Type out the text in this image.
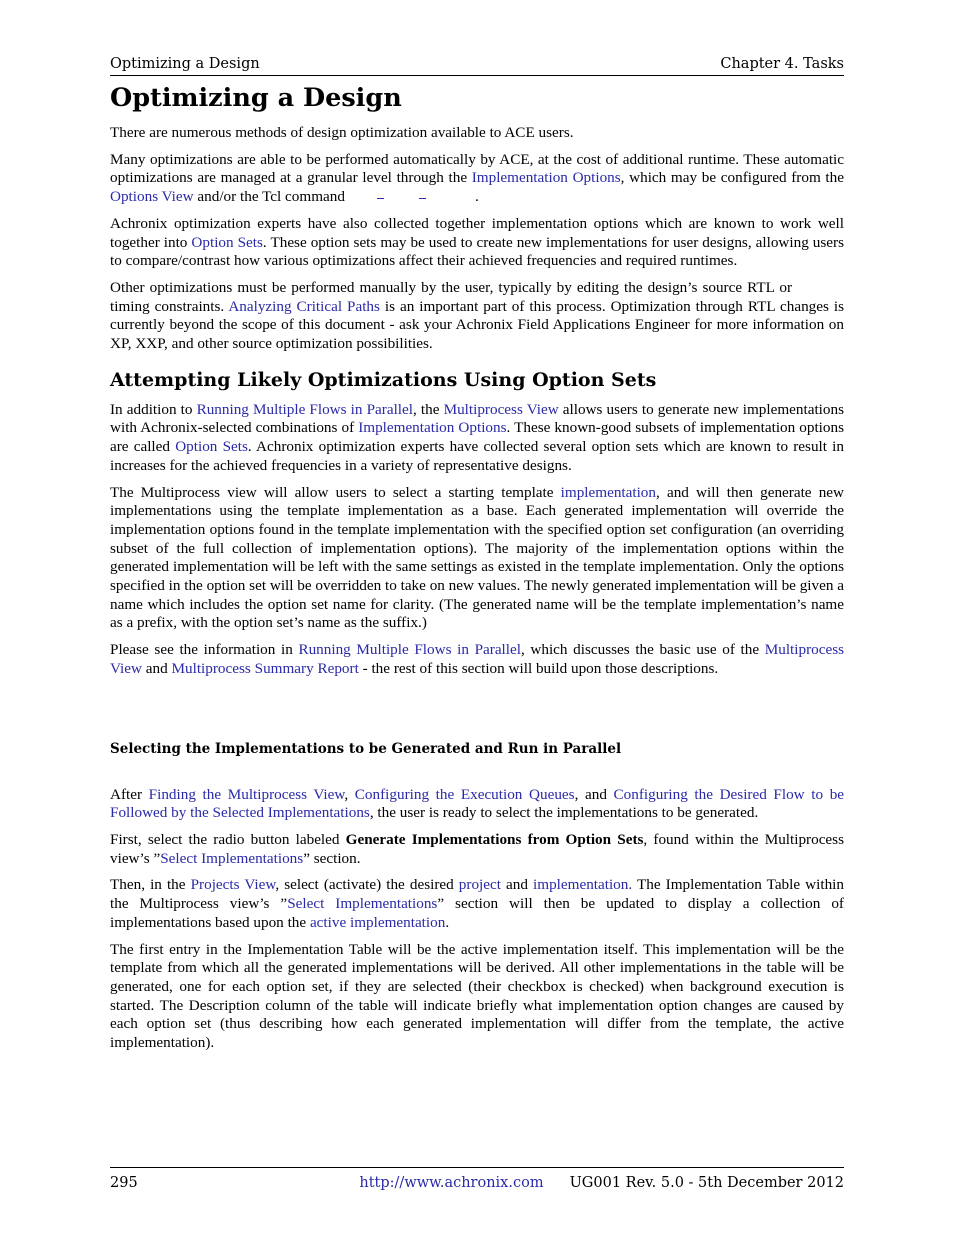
Optimizing a Design	Chapter 4. Tasks
Optimizing a Design

There are numerous methods of design optimization available to ACE users.

Many optimizations are able to be performed automatically by ACE, at the cost of additional runtime. These automatic optimizations are managed at a granular level through the Implementation Options, which may be configured from the Options View and/or the Tcl command	.

Achronix optimization experts have also collected together implementation options which are known to work well together into Option Sets. These option sets may be used to create new implementations for user designs, allowing users to compare/contrast how various optimizations affect their achieved frequencies and required runtimes.

Other optimizations must be performed manually by the user, typically by editing the design’s source RTL ortiming constraints. Analyzing Critical Paths is an important part of this process. Optimization through RTL changes is currently beyond the scope of this document - ask your Achronix Field Applications Engineer for more information on XP, XXP, and other source optimization possibilities.

Attempting Likely Optimizations Using Option Sets

In addition to Running Multiple Flows in Parallel, the Multiprocess View allows users to generate new implementations with Achronix-selected combinations of Implementation Options. These known-good subsets of implementation options are called Option Sets. Achronix optimization experts have collected several option sets which are known to result in increases for the achieved frequencies in a variety of representative designs.

The Multiprocess view will allow users to select a starting template implementation, and will then generate new implementations using the template implementation as a base. Each generated implementation will override the implementation options found in the template implementation with the specified option set configuration (an overriding subset of the full collection of implementation options). The majority of the implementation options within the generated implementation will be left with the same settings as existed in the template implementation. Only the options specified in the option set will be overridden to take on new values. The newly generated implementation will be given a name which includes the option set name for clarity. (The generated name will be the template implementation’s name as a prefix, with the option set’s name as the suffix.)

Please see the information in Running Multiple Flows in Parallel, which discusses the basic use of the Multiprocess View and Multiprocess Summary Report - the rest of this section will build upon those descriptions.

Selecting the Implementations to be Generated and Run in Parallel

After Finding the Multiprocess View, Configuring the Execution Queues, and Configuring the Desired Flow to be Followed by the Selected Implementations, the user is ready to select the implementations to be generated.

First, select the radio button labeled Generate Implementations from Option Sets, found within the Multiprocess view’s ”Select Implementations” section.

Then, in the Projects View, select (activate) the desired project and implementation. The Implementation Table within the Multiprocess view’s ”Select Implementations” section will then be updated to display a collection of implementations based upon the active implementation.

The first entry in the Implementation Table will be the active implementation itself. This implementation will be the template from which all the generated implementations will be derived. All other implementations in the table will be generated, one for each option set, if they are selected (their checkbox is checked) when background execution is started. The Description column of the table will indicate briefly what implementation option changes are caused by each option set (thus describing how each generated implementation will differ from the template, the active implementation).

295	http://www.achronix.com UG001 Rev. 5.0 - 5th December 2012
